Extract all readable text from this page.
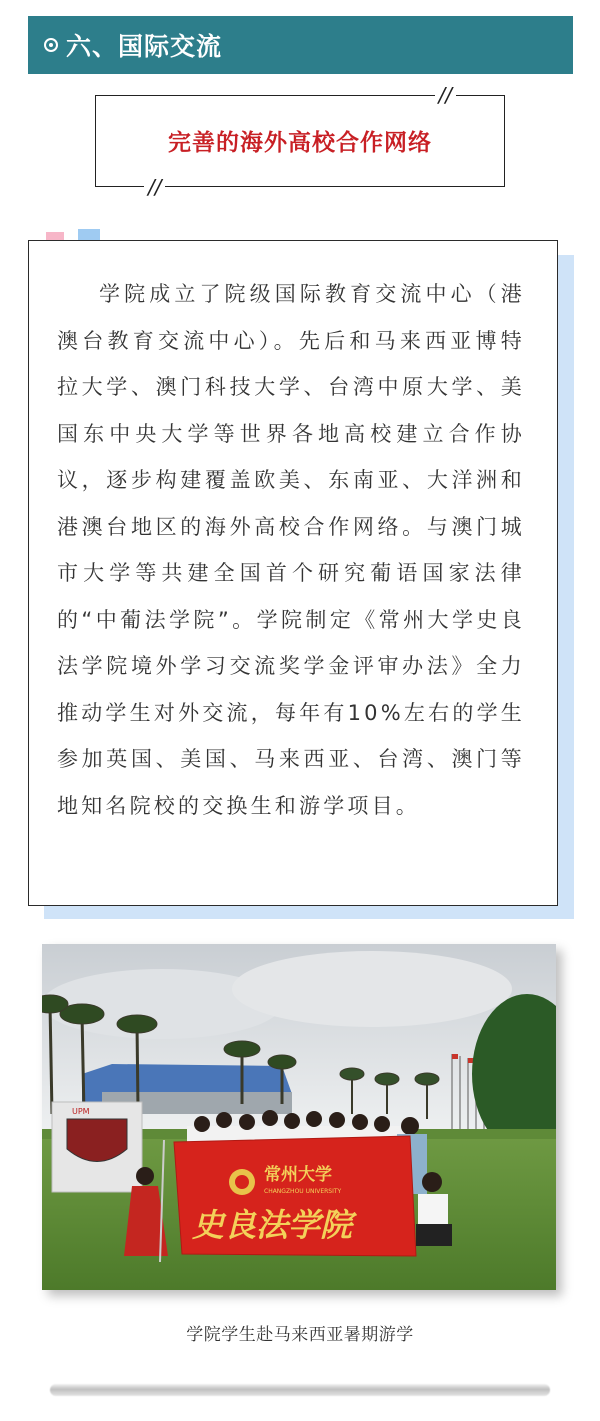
六、国际交流
//
完善的海外高校合作网络
//

学院成立了院级国际教育交流中心（港澳台教育交流中心）。先后和马来西亚博特拉大学、澳门科技大学、台湾中原大学、美国东中央大学等世界各地高校建立合作协议，逐步构建覆盖欧美、东南亚、大洋洲和港澳台地区的海外高校合作网络。与澳门城市大学等共建全国首个研究葡语国家法律的“中葡法学院”。学院制定《常州大学史良法学院境外学习交流奖学金评审办法》全力推动学生对外交流，每年有10%左右的学生参加英国、美国、马来西亚、台湾、澳门等地知名院校的交换生和游学项目。

UPM
常州大学
CHANGZHOU UNIVERSITY
史良法学院
学院学生赴马来西亚暑期游学
